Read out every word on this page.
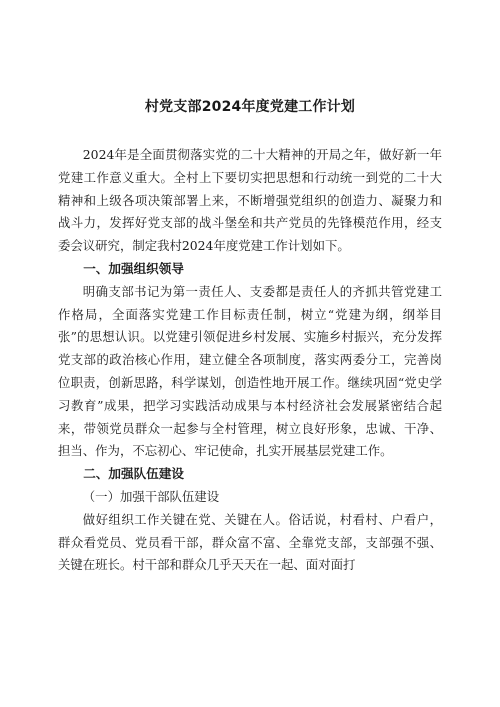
村党支部2024年度党建工作计划

2024年是全面贯彻落实党的二十大精神的开局之年，做好新一年党建工作意义重大。全村上下要切实把思想和行动统一到党的二十大精神和上级各项决策部署上来，不断增强党组织的创造力、凝聚力和战斗力，发挥好党支部的战斗堡垒和共产党员的先锋模范作用，经支委会议研究，制定我村2024年度党建工作计划如下。

一、加强组织领导

明确支部书记为第一责任人、支委都是责任人的齐抓共管党建工作格局，全面落实党建工作目标责任制，树立“党建为纲，纲举目张”的思想认识。以党建引领促进乡村发展、实施乡村振兴，充分发挥党支部的政治核心作用，建立健全各项制度，落实两委分工，完善岗位职责，创新思路，科学谋划，创造性地开展工作。继续巩固“党史学习教育”成果，把学习实践活动成果与本村经济社会发展紧密结合起来，带领党员群众一起参与全村管理，树立良好形象，忠诚、干净、担当、作为，不忘初心、牢记使命，扎实开展基层党建工作。

二、加强队伍建设

（一）加强干部队伍建设

做好组织工作关键在党、关键在人。俗话说，村看村、户看户，群众看党员、党员看干部，群众富不富、全靠党支部，支部强不强、关键在班长。村干部和群众几乎天天在一起、面对面打
